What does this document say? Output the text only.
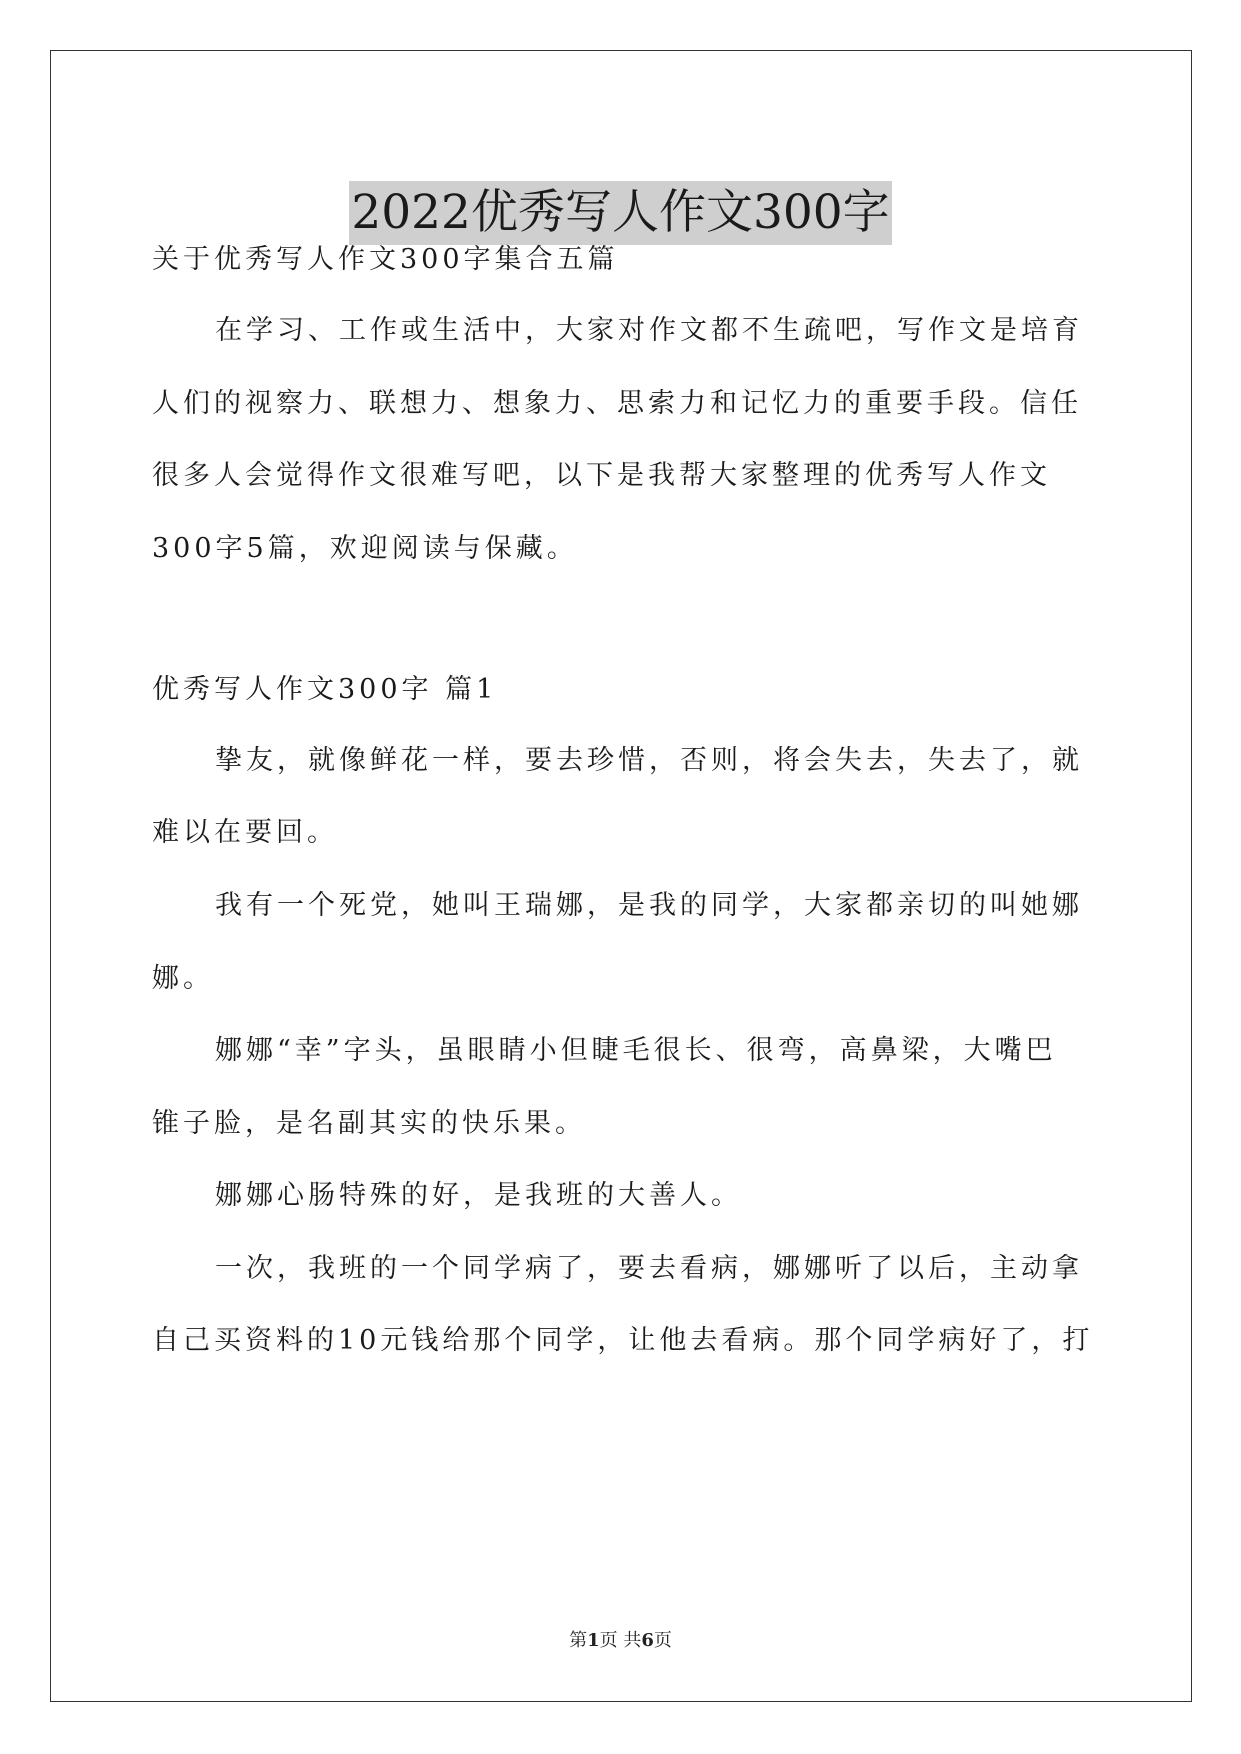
2022优秀写人作文300字
关于优秀写人作文300字集合五篇
在学习、工作或生活中，大家对作文都不生疏吧，写作文是培育
人们的视察力、联想力、想象力、思索力和记忆力的重要手段。信任
很多人会觉得作文很难写吧，以下是我帮大家整理的优秀写人作文
300字5篇，欢迎阅读与保藏。
优秀写人作文300字 篇1
挚友，就像鲜花一样，要去珍惜，否则，将会失去，失去了，就
难以在要回。
我有一个死党，她叫王瑞娜，是我的同学，大家都亲切的叫她娜
娜。
娜娜“幸”字头，虽眼睛小但睫毛很长、很弯，高鼻梁，大嘴巴
锥子脸，是名副其实的快乐果。
娜娜心肠特殊的好，是我班的大善人。
一次，我班的一个同学病了，要去看病，娜娜听了以后，主动拿
自己买资料的10元钱给那个同学，让他去看病。那个同学病好了，打
第1页 共6页
